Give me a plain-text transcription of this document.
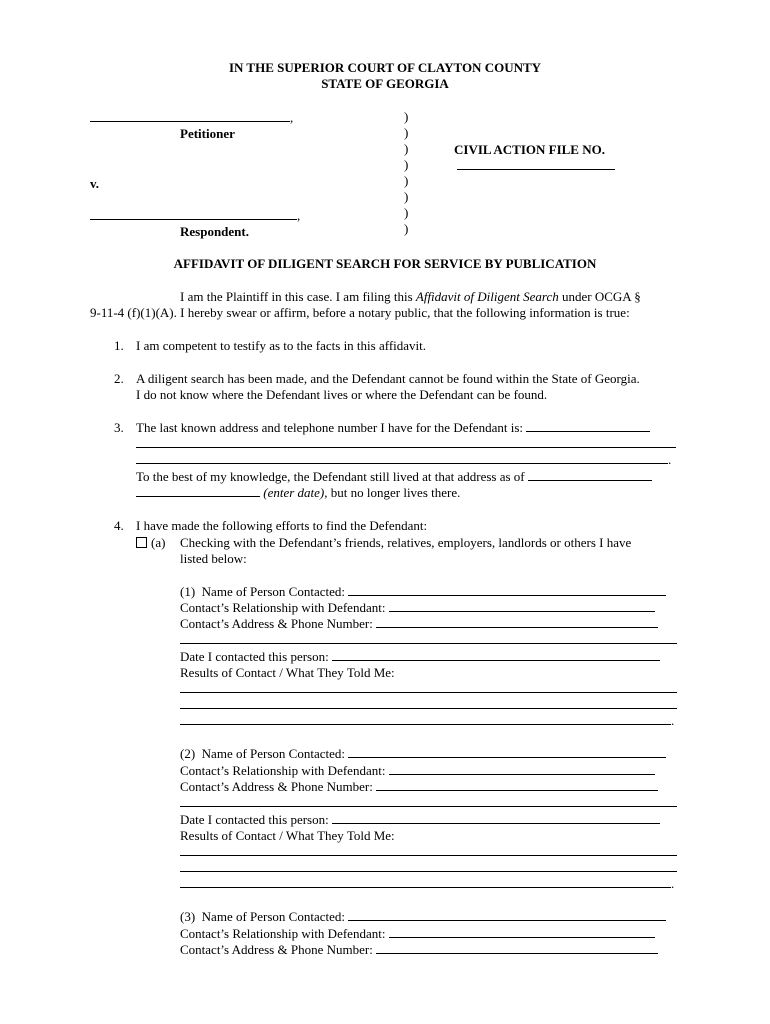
IN THE SUPERIOR COURT OF CLAYTON COUNTY
STATE OF GEORGIA
,
Petitioner
v.
,
Respondent.
)
)
)
)
)
)
)
)
CIVIL ACTION FILE NO.
AFFIDAVIT OF DILIGENT SEARCH FOR SERVICE BY PUBLICATION
I am the Plaintiff in this case. I am filing this Affidavit of Diligent Search under OCGA §
9-11-4 (f)(1)(A). I hereby swear or affirm, before a notary public, that the following information is true:
1. I am competent to testify as to the facts in this affidavit.
2. A diligent search has been made, and the Defendant cannot be found within the State of Georgia.
I do not know where the Defendant lives or where the Defendant can be found.
3. The last known address and telephone number I have for the Defendant is:
.
To the best of my knowledge, the Defendant still lived at that address as of
(enter date), but no longer lives there.
4. I have made the following efforts to find the Defendant:
(a) Checking with the Defendant’s friends, relatives, employers, landlords or others I have
listed below:
(1) Name of Person Contacted:
Contact’s Relationship with Defendant:
Contact’s Address & Phone Number:
Date I contacted this person:
Results of Contact / What They Told Me:
.
(2) Name of Person Contacted:
Contact’s Relationship with Defendant:
Contact’s Address & Phone Number:
Date I contacted this person:
Results of Contact / What They Told Me:
.
(3) Name of Person Contacted:
Contact’s Relationship with Defendant:
Contact’s Address & Phone Number:
